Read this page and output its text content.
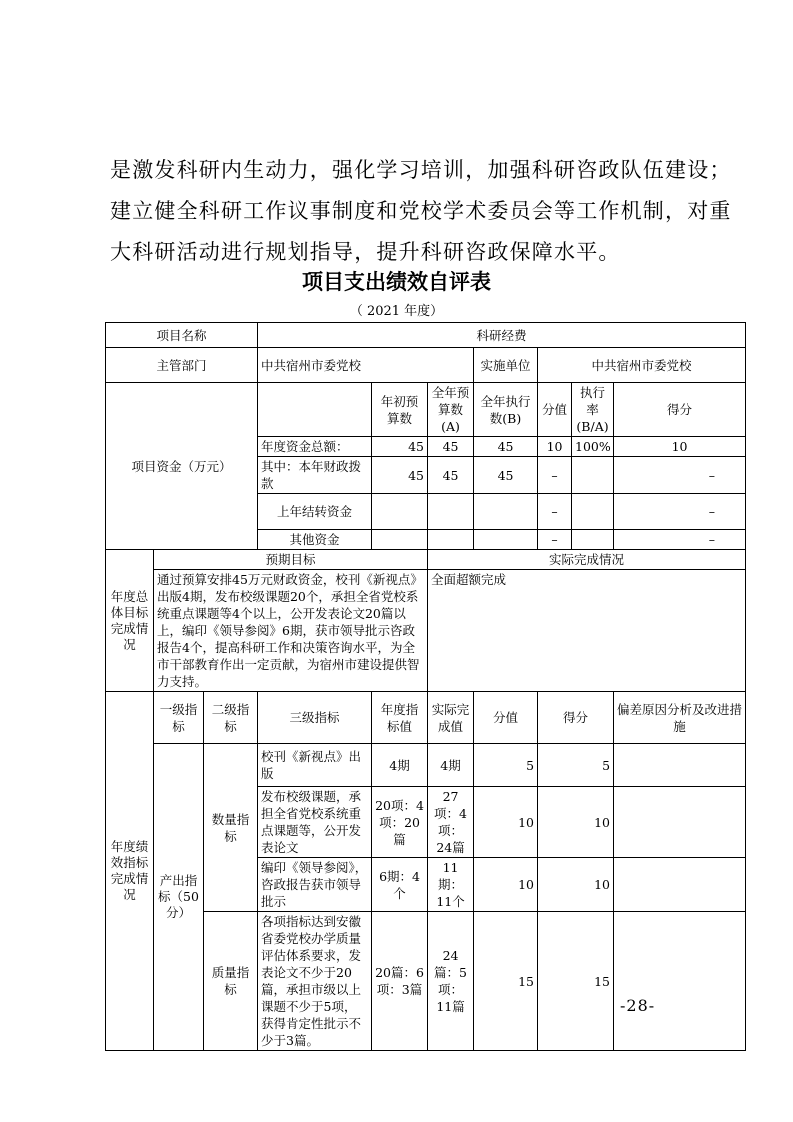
是激发科研内生动力，强化学习培训，加强科研咨政队伍建设；

建立健全科研工作议事制度和党校学术委员会等工作机制，对重

大科研活动进行规划指导，提升科研咨政保障水平。

项目支出绩效自评表
（ 2021 年度）
项目名称			科研经费						
主管部门			中共宿州市委党校			实施单位	中共宿州市委党校		
项目资金（万元）				年初预算数	全年预算数(A)	全年执行数(B)	分值	执行率(B/A)	得分
			年度资金总额：	45	45	45	10	100%	10
			其中：本年财政拨款	45	45	45	–		–
			上年结转资金				–		–
			其他资金				–		–
年度总体目标完成情况	预期目标				实际完成情况				
	通过预算安排45万元财政资金，校刊《新视点》出版4期，发布校级课题20个，承担全省党校系统重点课题等4个以上，公开发表论文20篇以上，编印《领导参阅》6期，获市领导批示咨政报告4个，提高科研工作和决策咨询水平，为全市干部教育作出一定贡献，为宿州市建设提供智力支持。				全面超额完成				
年度绩效指标完成情况	一级指标	二级指标	三级指标	年度指标值	实际完成值	分值	得分		偏差原因分析及改进措施
	产出指标（50分）	数量指标	校刊《新视点》出版	4期	4期	5	5		
			发布校级课题，承担全省党校系统重点课题等，公开发表论文	20项：4项：20篇	27项：4项：24篇	10	10		
			编印《领导参阅》，咨政报告获市领导批示	6期：4个	11期：11个	10	10		
		质量指标	各项指标达到安徽省委党校办学质量评估体系要求，发表论文不少于20篇，承担市级以上课题不少于5项，获得肯定性批示不少于3篇。	20篇：6项：3篇	24篇：5项：11篇	15	15		
-28-
